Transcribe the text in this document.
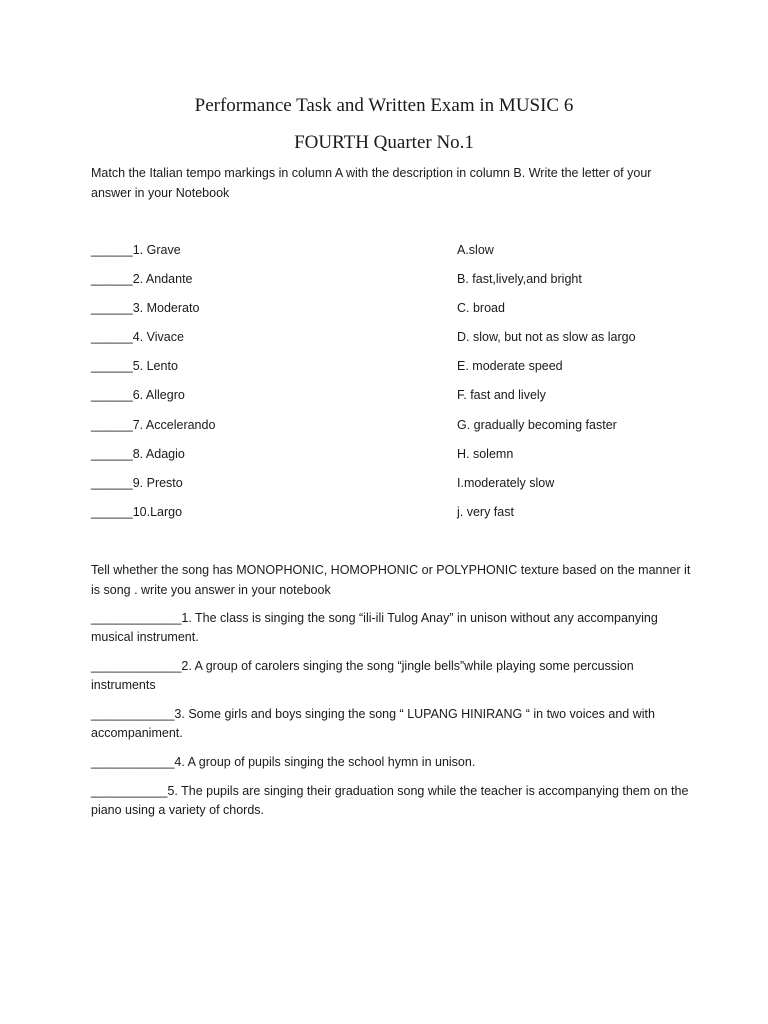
Performance Task and Written Exam in MUSIC 6
FOURTH Quarter No.1
Match the Italian tempo markings in column A with the description in column B. Write the letter of your answer in your Notebook
______1. Grave	A.slow
______2. Andante	B. fast,lively,and bright
______3. Moderato	C. broad
______4. Vivace	D. slow, but not as slow as largo
______5. Lento	E. moderate speed
______6. Allegro	F. fast and lively
______7. Accelerando	G. gradually becoming faster
______8. Adagio	H. solemn
______9. Presto	I.moderately slow
______10.Largo	j. very fast
Tell whether the song has MONOPHONIC, HOMOPHONIC or POLYPHONIC texture based on the manner it is song . write you answer in your notebook
_____________1. The class is singing the song “ili-ili Tulog Anay” in unison without any accompanying musical instrument.
_____________2. A group of carolers singing the song “jingle bells”while playing some percussion instruments
____________3. Some girls and boys singing the song “ LUPANG HINIRANG “ in two voices and with accompaniment.
____________4. A group of pupils singing the school hymn in unison.
___________5. The pupils are singing their graduation song while the teacher is accompanying them on the piano using a variety of chords.
